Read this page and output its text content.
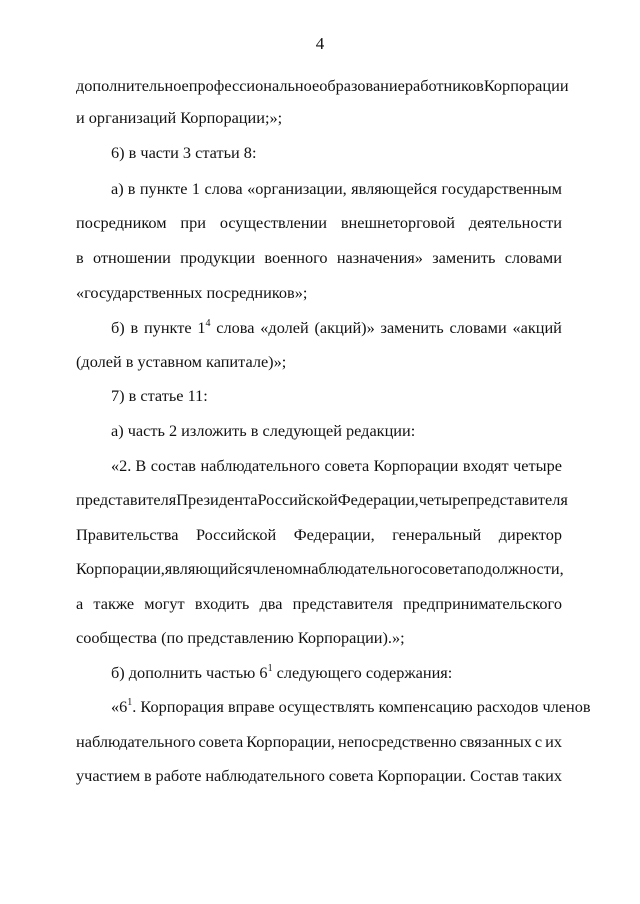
4
дополнительное профессиональное образование работников Корпорации
и организаций Корпорации;»;
6) в части 3 статьи 8:
а) в пункте 1 слова «организации, являющейся государственным
посредником при осуществлении внешнеторговой деятельности
в отношении продукции военного назначения» заменить словами
«государственных посредников»;
б) в пункте $1^4$ слова «долей (акций)» заменить словами «акций
(долей в уставном капитале)»;
7) в статье 11:
а) часть 2 изложить в следующей редакции:
«2. В состав наблюдательного совета Корпорации входят четыре
представителя Президента Российской Федерации, четыре представителя
Правительства Российской Федерации, генеральный директор
Корпорации, являющийся членом наблюдательного совета по должности,
а также могут входить два представителя предпринимательского
сообщества (по представлению Корпорации).»;
б) дополнить частью $6^1$ следующего содержания:
«$6^1$. Корпорация вправе осуществлять компенсацию расходов членов
наблюдательного совета Корпорации, непосредственно связанных с их
участием в работе наблюдательного совета Корпорации. Состав таких
